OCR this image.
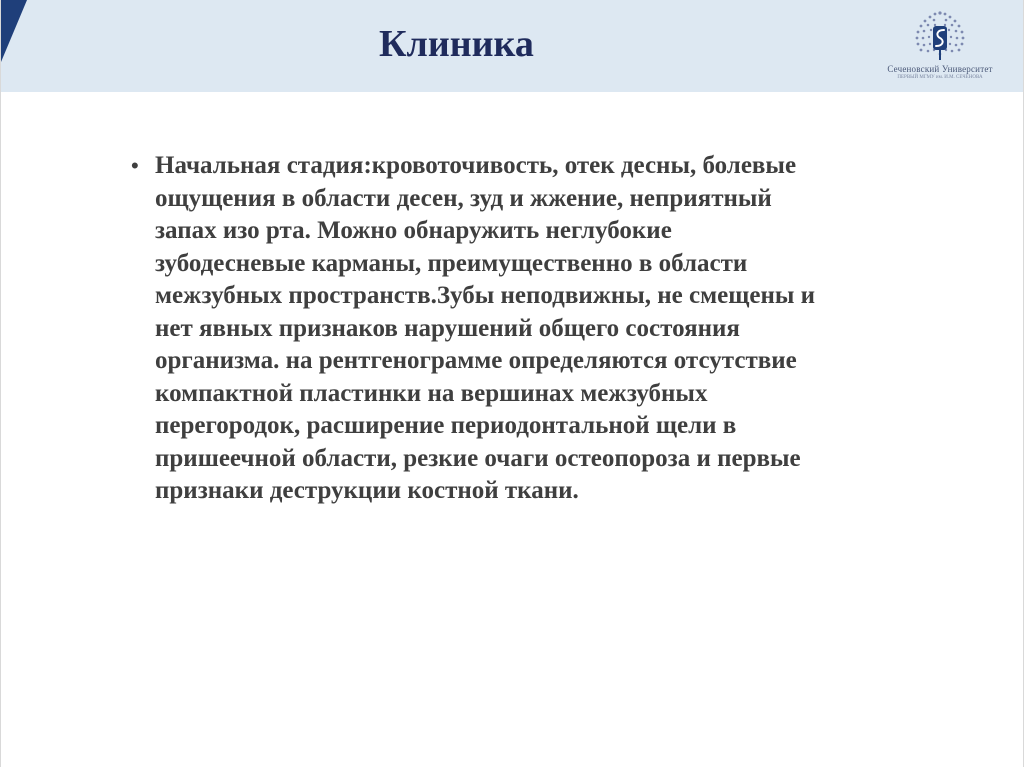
Клиника
Сеченовский Университет
ПЕРВЫЙ МГМУ им. И.М. СЕЧЕНОВА
• Начальная стадия:кровоточивость, отек десны, болевые
ощущения в области десен, зуд и жжение, неприятный
запах изо рта. Можно обнаружить неглубокие
зубодесневые карманы, преимущественно в области
межзубных пространств.Зубы неподвижны, не смещены и
нет явных признаков нарушений общего состояния
организма. на рентгенограмме определяются отсутствие
компактной пластинки на вершинах межзубных
перегородок, расширение периодонтальной щели в
пришеечной области, резкие очаги остеопороза и первые
признаки деструкции костной ткани.
